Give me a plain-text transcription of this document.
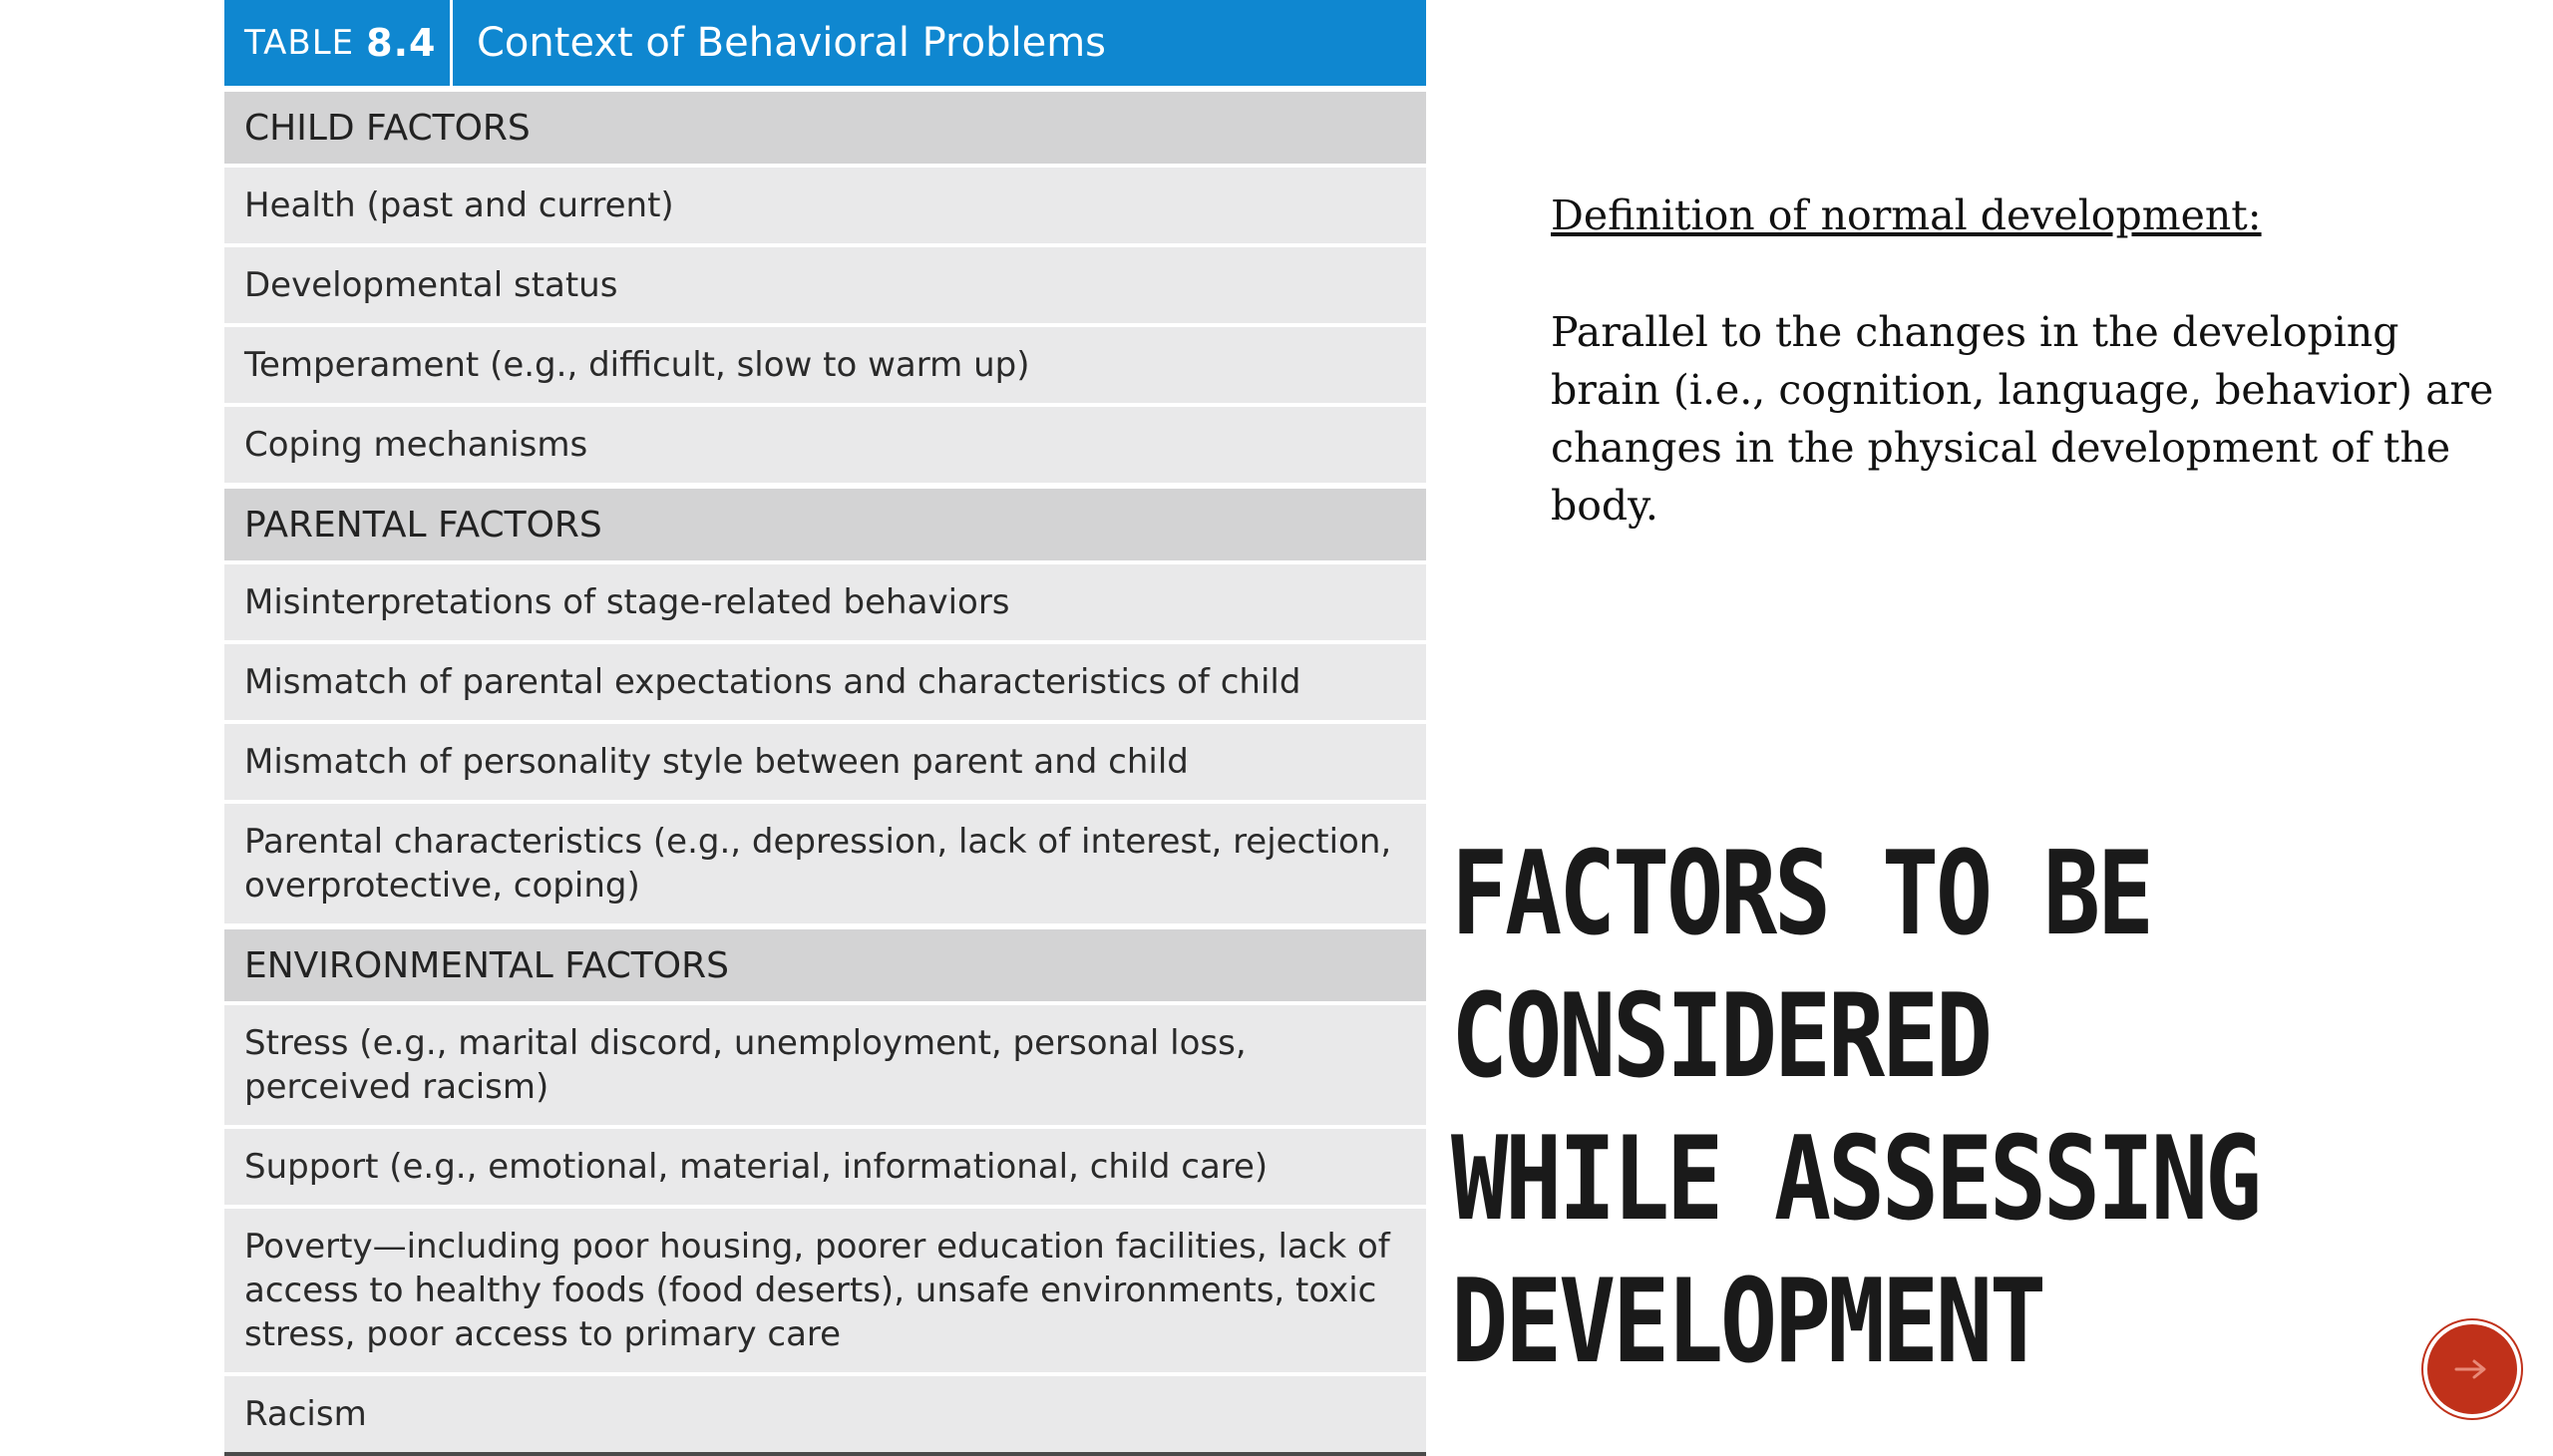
TABLE 8.4	Context of Behavioral Problems
CHILD FACTORS
Health (past and current)
Developmental status
Temperament (e.g., difficult, slow to warm up)
Coping mechanisms
PARENTAL FACTORS
Misinterpretations of stage-related behaviors
Mismatch of parental expectations and characteristics of child
Mismatch of personality style between parent and child
Parental characteristics (e.g., depression, lack of interest, rejection, overprotective, coping)
ENVIRONMENTAL FACTORS
Stress (e.g., marital discord, unemployment, personal loss, perceived racism)
Support (e.g., emotional, material, informational, child care)
Poverty—including poor housing, poorer education facilities, lack of access to healthy foods (food deserts), unsafe environments, toxic stress, poor access to primary care
Racism

Definition of normal development:

Parallel to the changes in the developing brain (i.e., cognition, language, behavior) are changes in the physical development of the body.

FACTORS TO BE
CONSIDERED
WHILE ASSESSING
DEVELOPMENT
